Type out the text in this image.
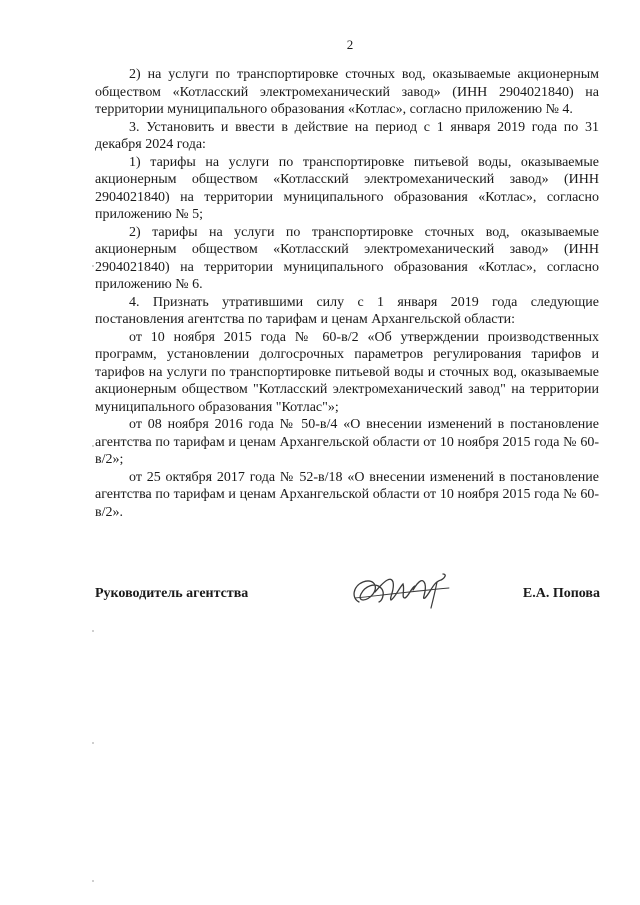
2

2) на услуги по транспортировке сточных вод, оказываемые акционерным обществом «Котласский электромеханический завод» (ИНН 2904021840) на территории муниципального образования «Котлас», согласно приложению № 4.

3. Установить и ввести в действие на период с 1 января 2019 года по 31 декабря 2024 года:

1) тарифы на услуги по транспортировке питьевой воды, оказываемые акционерным обществом «Котласский электромеханический завод» (ИНН 2904021840) на территории муниципального образования «Котлас», согласно приложению № 5;

2) тарифы на услуги по транспортировке сточных вод, оказываемые акционерным обществом «Котласский электромеханический завод» (ИНН 2904021840) на территории муниципального образования «Котлас», согласно приложению № 6.

4. Признать утратившими силу с 1 января 2019 года следующие постановления агентства по тарифам и ценам Архангельской области:

от 10 ноября 2015 года № 60-в/2 «Об утверждении производственных программ, установлении долгосрочных параметров регулирования тарифов и тарифов на услуги по транспортировке питьевой воды и сточных вод, оказываемые акционерным обществом "Котласский электромеханический завод" на территории муниципального образования "Котлас"»;

от 08 ноября 2016 года № 50-в/4 «О внесении изменений в постановление агентства по тарифам и ценам Архангельской области от 10 ноября 2015 года № 60-в/2»;

от 25 октября 2017 года № 52-в/18 «О внесении изменений в постановление агентства по тарифам и ценам Архангельской области от 10 ноября 2015 года № 60-в/2».

Руководитель агентства	Е.А. Попова
